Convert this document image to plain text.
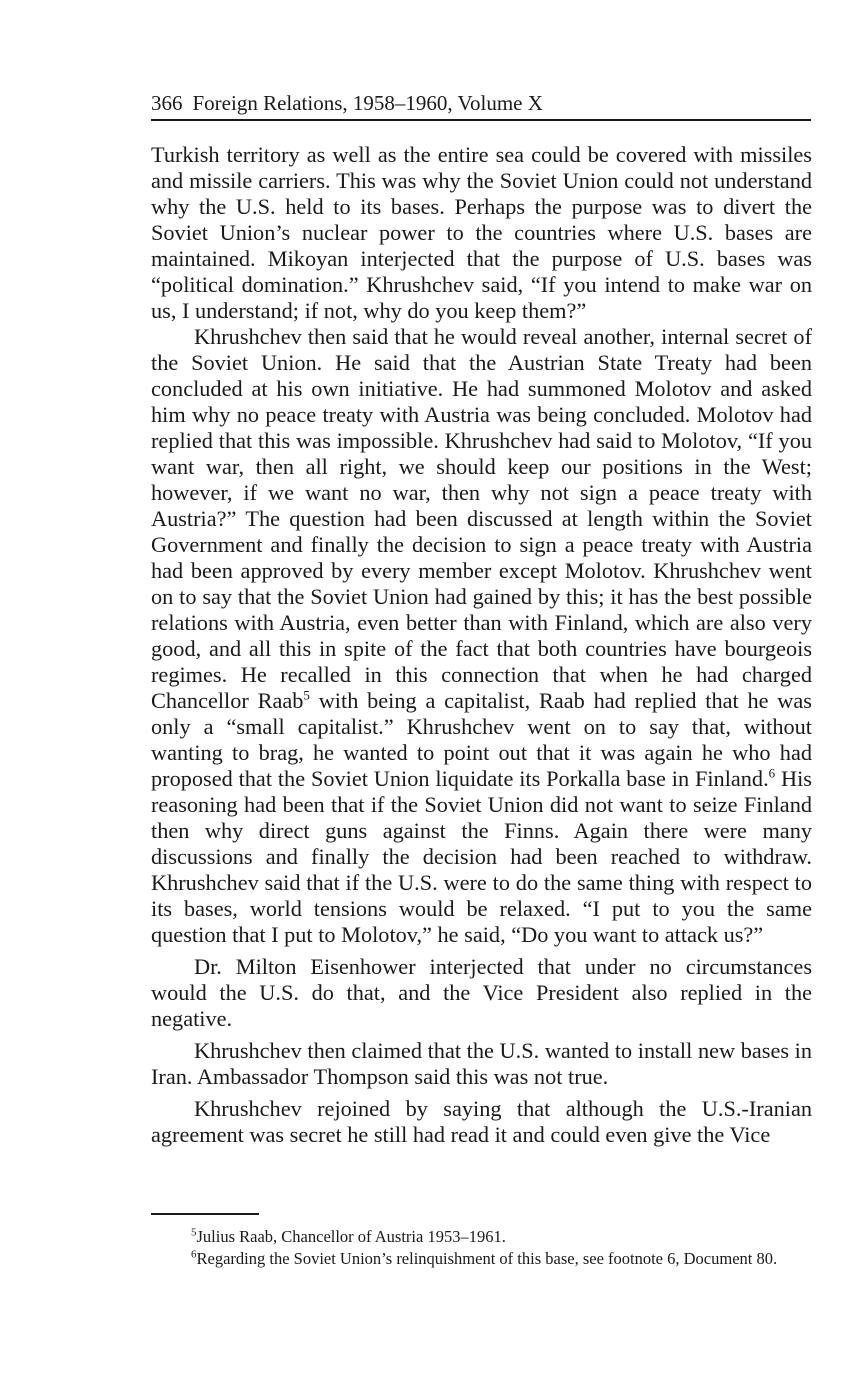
366 Foreign Relations, 1958–1960, Volume X

Turkish territory as well as the entire sea could be covered with missiles and missile carriers. This was why the Soviet Union could not understand why the U.S. held to its bases. Perhaps the purpose was to divert the Soviet Union’s nuclear power to the countries where U.S. bases are maintained. Mikoyan interjected that the purpose of U.S. bases was “political domination.” Khrushchev said, “If you intend to make war on us, I understand; if not, why do you keep them?”

Khrushchev then said that he would reveal another, internal secret of the Soviet Union. He said that the Austrian State Treaty had been concluded at his own initiative. He had summoned Molotov and asked him why no peace treaty with Austria was being concluded. Molotov had replied that this was impossible. Khrushchev had said to Molotov, “If you want war, then all right, we should keep our positions in the West; however, if we want no war, then why not sign a peace treaty with Austria?” The question had been discussed at length within the Soviet Government and finally the decision to sign a peace treaty with Austria had been approved by every member except Molotov. Khrushchev went on to say that the Soviet Union had gained by this; it has the best possible relations with Austria, even better than with Finland, which are also very good, and all this in spite of the fact that both countries have bourgeois regimes. He recalled in this connection that when he had charged Chancellor Raab$^5$ with being a capitalist, Raab had replied that he was only a “small capitalist.” Khrushchev went on to say that, without wanting to brag, he wanted to point out that it was again he who had proposed that the Soviet Union liquidate its Porkalla base in Finland.$^6$ His reasoning had been that if the Soviet Union did not want to seize Finland then why direct guns against the Finns. Again there were many discussions and finally the decision had been reached to withdraw. Khrushchev said that if the U.S. were to do the same thing with respect to its bases, world tensions would be relaxed. “I put to you the same question that I put to Molotov,” he said, “Do you want to attack us?”

Dr. Milton Eisenhower interjected that under no circumstances would the U.S. do that, and the Vice President also replied in the negative.

Khrushchev then claimed that the U.S. wanted to install new bases in Iran. Ambassador Thompson said this was not true.

Khrushchev rejoined by saying that although the U.S.-Iranian agreement was secret he still had read it and could even give the Vice

$^5$Julius Raab, Chancellor of Austria 1953–1961.

$^6$Regarding the Soviet Union’s relinquishment of this base, see footnote 6, Document 80.
